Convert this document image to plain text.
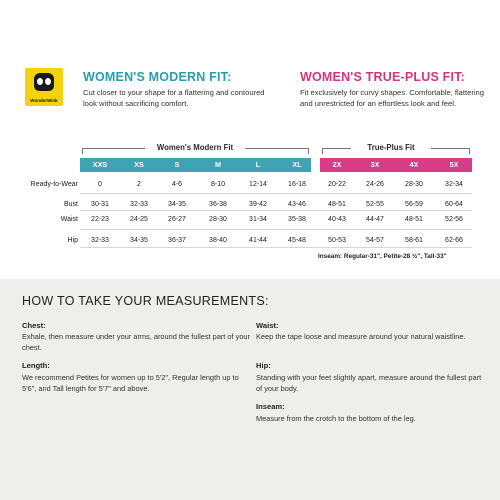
WonderWink
WOMEN'S MODERN FIT:
Cut closer to your shape for a flattering and contoured look without sacrificing comfort.
WOMEN'S TRUE-PLUS FIT:
Fit exclusively for curvy shapes. Comfortable, flattering and unrestricted for an effortless look and feel.
Women's Modern Fit	True-Plus Fit
XXS	XS	S	M	L	XL	2X	3X	4X	5X
Ready-to-Wear	0	2	4-6	8-10	12-14	16-18	20-22	24-26	28-30	32-34
Bust	30-31	32-33	34-35	36-38	39-42	43-46	48-51	52-55	56-59	60-64
Waist	22-23	24-25	26-27	28-30	31-34	35-38	40-43	44-47	48-51	52-56
Hip	32-33	34-35	36-37	38-40	41-44	45-48	50-53	54-57	58-61	62-66
Inseam: Regular-31", Petite-28 ½", Tall-33"
HOW TO TAKE YOUR MEASUREMENTS:
Chest:
Exhale, then measure under your arms, around the fullest part of your chest.
Length:
We recommend Petites for women up to 5'2", Regular length up to 5'6", and Tall length for 5'7" and above.
Waist:
Keep the tape loose and measure around your natural waistline.
Hip:
Standing with your feet slightly apart, measure around the fullest part of your body.
Inseam:
Measure from the crotch to the bottom of the leg.
